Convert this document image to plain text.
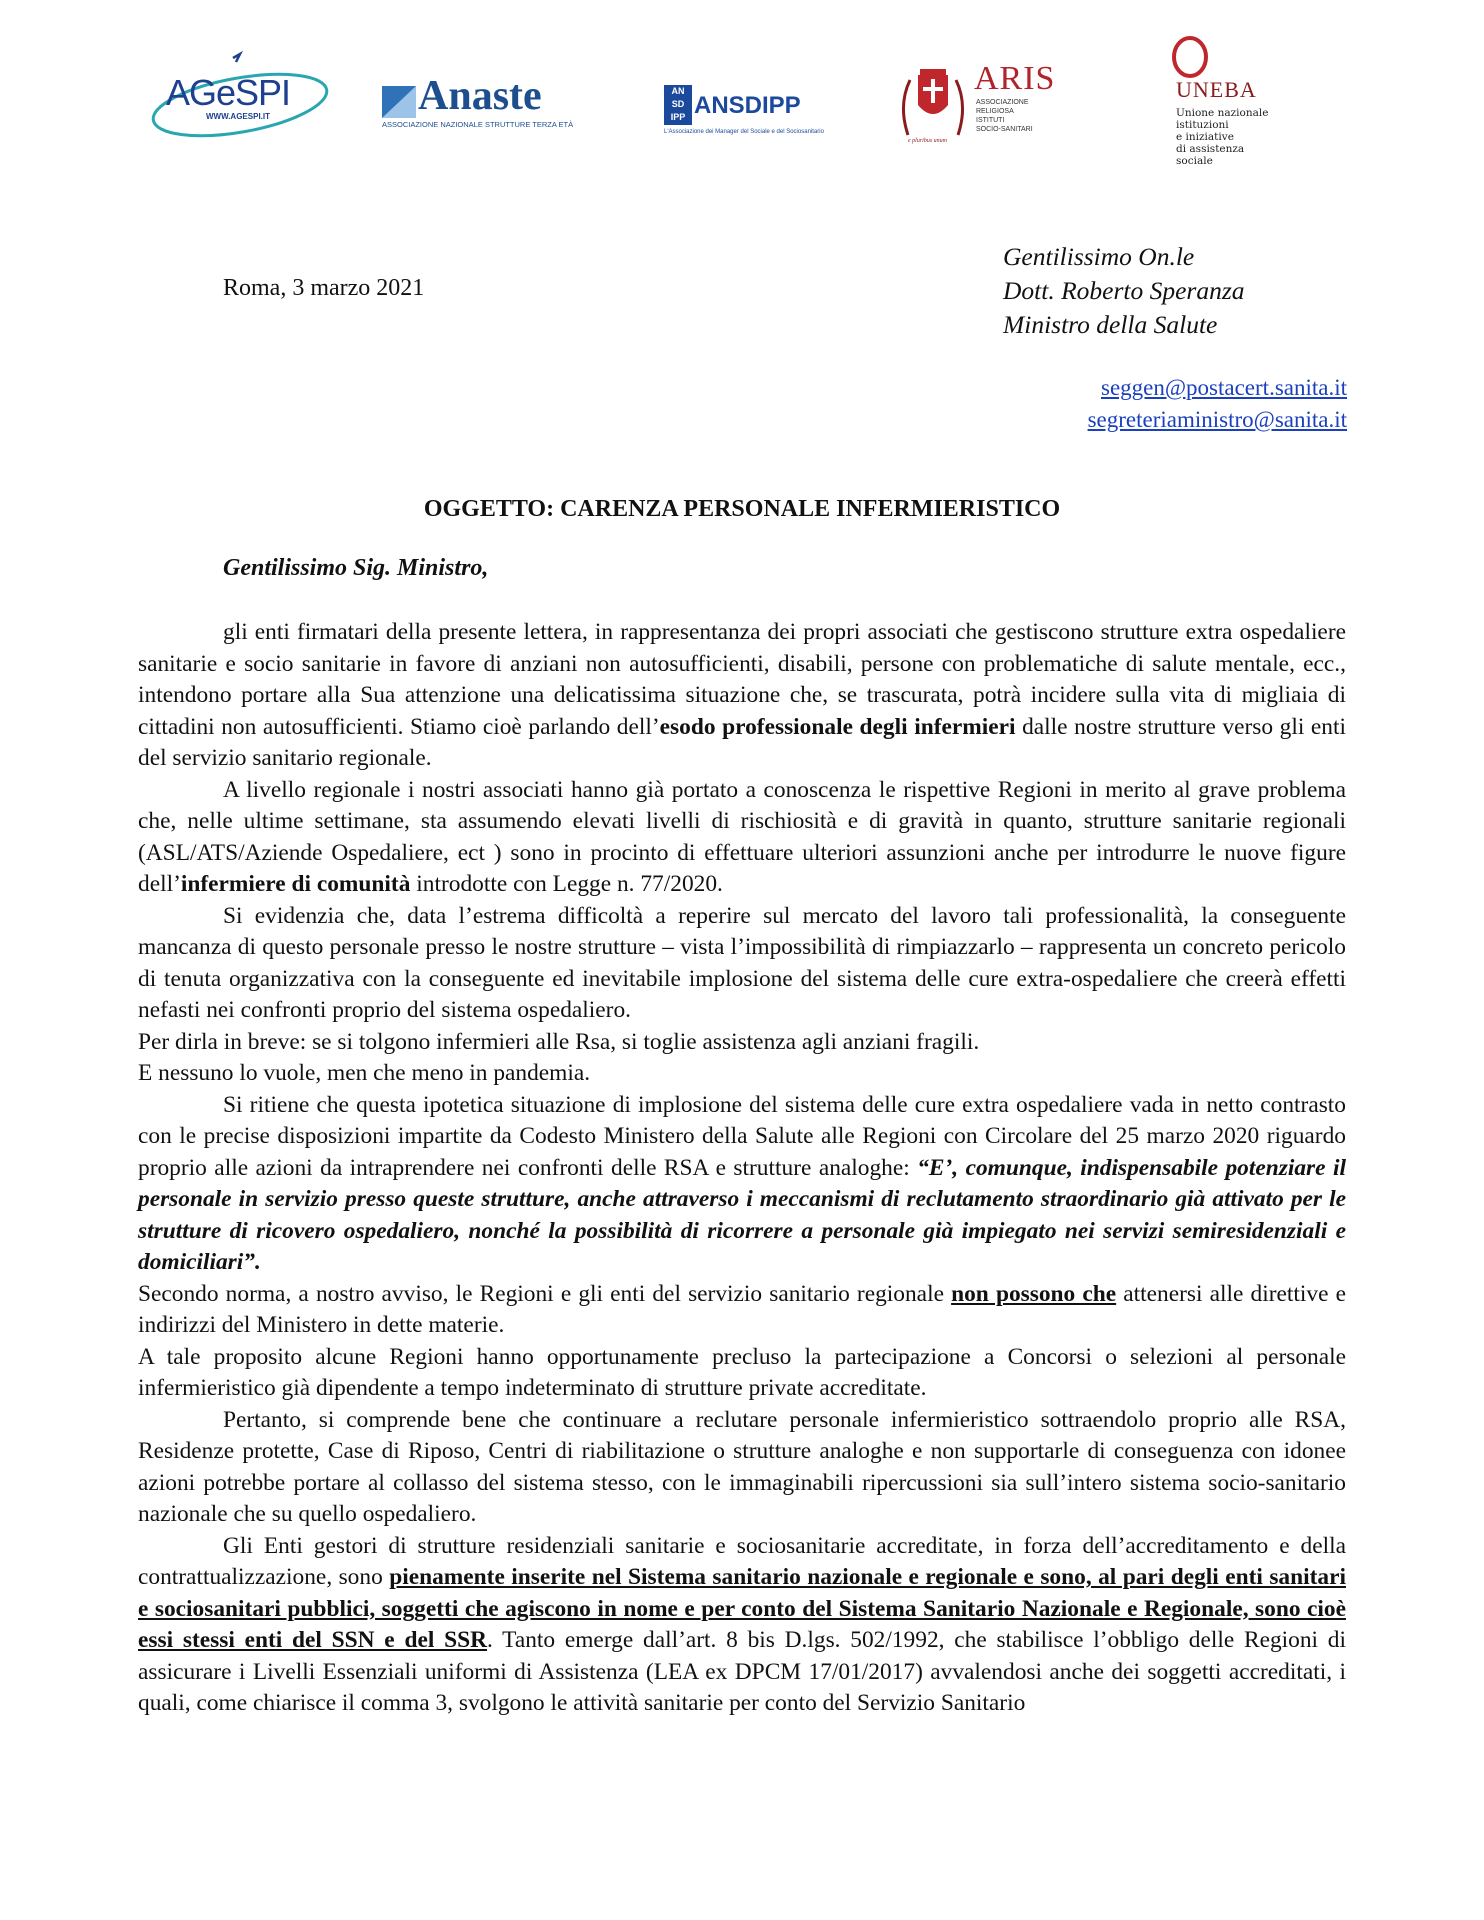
AGeSPI
WWW.AGESPI.IT	Anaste
ASSOCIAZIONE NAZIONALE STRUTTURE TERZA ETÀ
AN
SD
IPP ANSDIPP
L'Associazione dei Manager del Sociale e del Sociosanitario
e pluribus unum
ARIS
ASSOCIAZIONE
RELIGIOSA
ISTITUTI
SOCIO-SANITARI
UNEBA
Unione nazionale
istituzioni
e iniziative
di assistenza
sociale
Gentilissimo On.le
Dott. Roberto Speranza
Ministro della Salute
Roma, 3 marzo 2021
seggen@postacert.sanita.it
segreteriaministro@sanita.it
OGGETTO: CARENZA PERSONALE INFERMIERISTICO
Gentilissimo Sig. Ministro,

gli enti firmatari della presente lettera, in rappresentanza dei propri associati che gestiscono strutture extra ospedaliere sanitarie e socio sanitarie in favore di anziani non autosufficienti, disabili, persone con problematiche di salute mentale, ecc., intendono portare alla Sua attenzione una delicatissima situazione che, se trascurata, potrà incidere sulla vita di migliaia di cittadini non autosufficienti. Stiamo cioè parlando dell’esodo professionale degli infermieri dalle nostre strutture verso gli enti del servizio sanitario regionale.

A livello regionale i nostri associati hanno già portato a conoscenza le rispettive Regioni in merito al grave problema che, nelle ultime settimane, sta assumendo elevati livelli di rischiosità e di gravità in quanto, strutture sanitarie regionali (ASL/ATS/Aziende Ospedaliere, ect ) sono in procinto di effettuare ulteriori assunzioni anche per introdurre le nuove figure dell’infermiere di comunità introdotte con Legge n. 77/2020.

Si evidenzia che, data l’estrema difficoltà a reperire sul mercato del lavoro tali professionalità, la conseguente mancanza di questo personale presso le nostre strutture – vista l’impossibilità di rimpiazzarlo – rappresenta un concreto pericolo di tenuta organizzativa con la conseguente ed inevitabile implosione del sistema delle cure extra-ospedaliere che creerà effetti nefasti nei confronti proprio del sistema ospedaliero.

Per dirla in breve: se si tolgono infermieri alle Rsa, si toglie assistenza agli anziani fragili.

E nessuno lo vuole, men che meno in pandemia.

Si ritiene che questa ipotetica situazione di implosione del sistema delle cure extra ospedaliere vada in netto contrasto con le precise disposizioni impartite da Codesto Ministero della Salute alle Regioni con Circolare del 25 marzo 2020 riguardo proprio alle azioni da intraprendere nei confronti delle RSA e strutture analoghe: “E’, comunque, indispensabile potenziare il personale in servizio presso queste strutture, anche attraverso i meccanismi di reclutamento straordinario già attivato per le strutture di ricovero ospedaliero, nonché la possibilità di ricorrere a personale già impiegato nei servizi semiresidenziali e domiciliari”.

Secondo norma, a nostro avviso, le Regioni e gli enti del servizio sanitario regionale non possono che attenersi alle direttive e indirizzi del Ministero in dette materie.

A tale proposito alcune Regioni hanno opportunamente precluso la partecipazione a Concorsi o selezioni al personale infermieristico già dipendente a tempo indeterminato di strutture private accreditate.

Pertanto, si comprende bene che continuare a reclutare personale infermieristico sottraendolo proprio alle RSA, Residenze protette, Case di Riposo, Centri di riabilitazione o strutture analoghe e non supportarle di conseguenza con idonee azioni potrebbe portare al collasso del sistema stesso, con le immaginabili ripercussioni sia sull’intero sistema socio-sanitario nazionale che su quello ospedaliero.

Gli Enti gestori di strutture residenziali sanitarie e sociosanitarie accreditate, in forza dell’accreditamento e della contrattualizzazione, sono pienamente inserite nel Sistema sanitario nazionale e regionale e sono, al pari degli enti sanitari e sociosanitari pubblici, soggetti che agiscono in nome e per conto del Sistema Sanitario Nazionale e Regionale, sono cioè essi stessi enti del SSN e del SSR. Tanto emerge dall’art. 8 bis D.lgs. 502/1992, che stabilisce l’obbligo delle Regioni di assicurare i Livelli Essenziali uniformi di Assistenza (LEA ex DPCM 17/01/2017) avvalendosi anche dei soggetti accreditati, i quali, come chiarisce il comma 3, svolgono le attività sanitarie per conto del Servizio Sanitario
